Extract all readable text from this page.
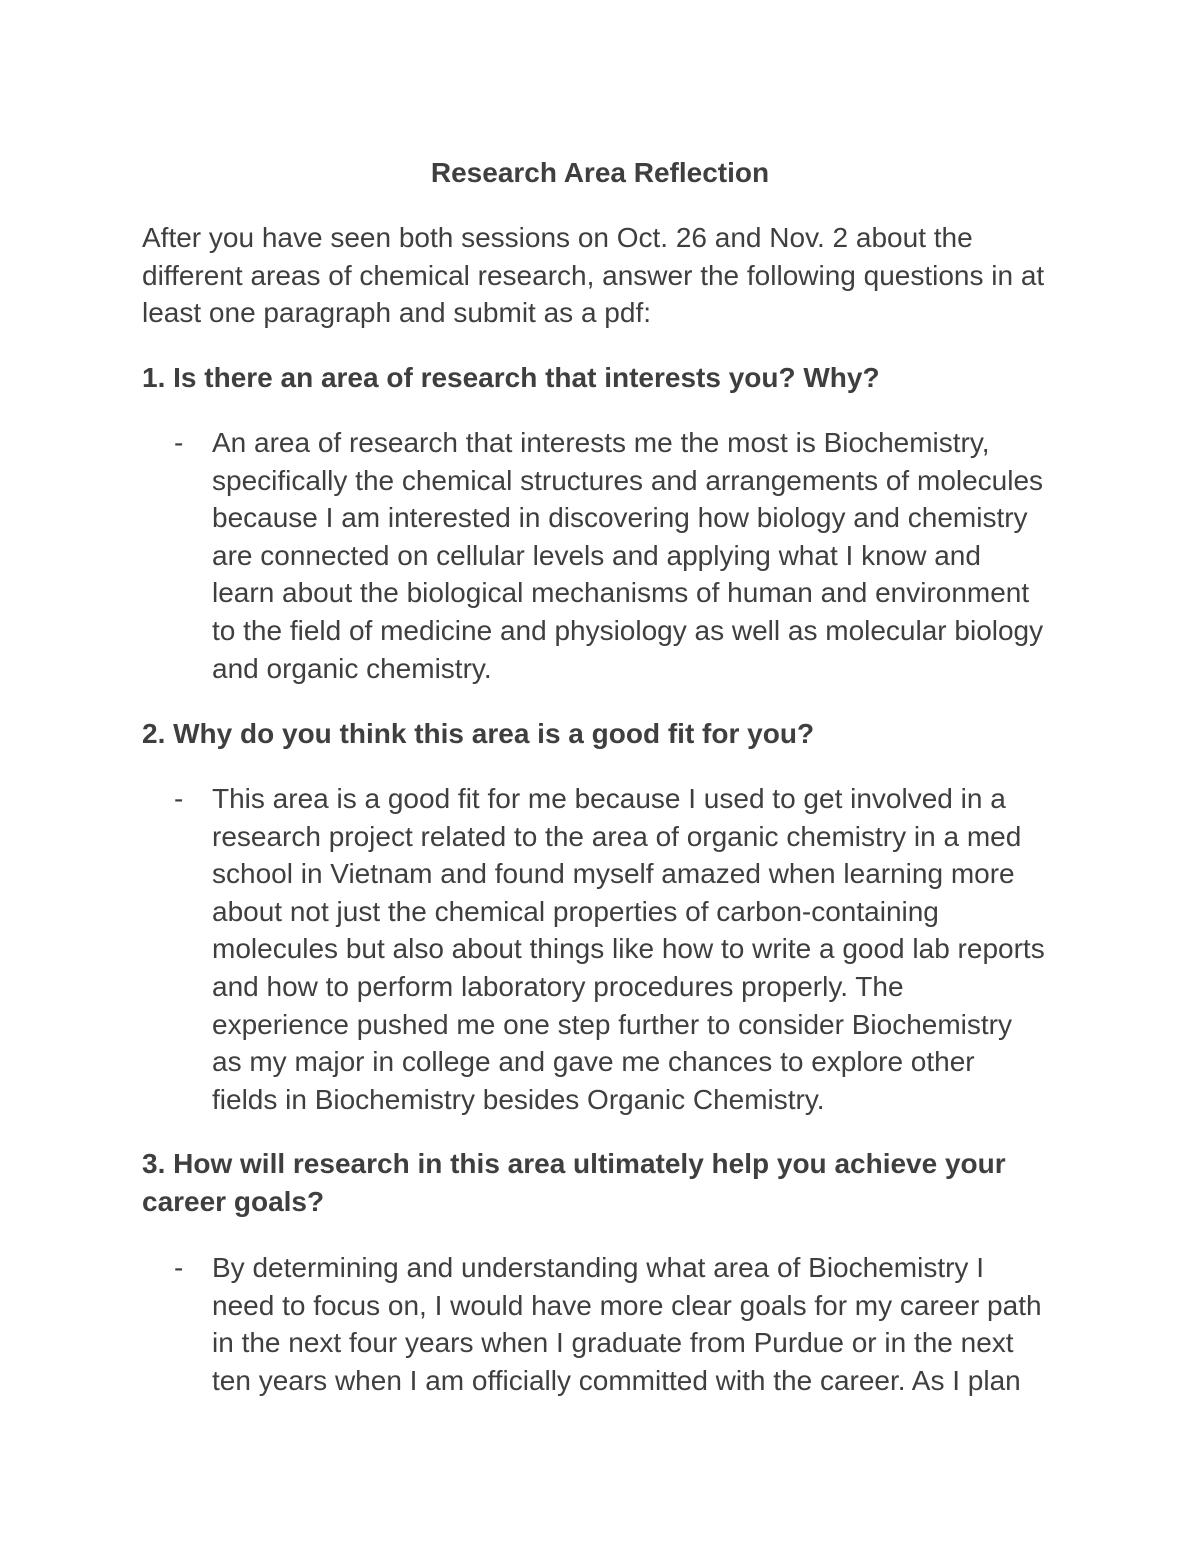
Research Area Reflection

After you have seen both sessions on Oct. 26 and Nov. 2 about the
different areas of chemical research, answer the following questions in at
least one paragraph and submit as a pdf:

1. Is there an area of research that interests you? Why?
-	An area of research that interests me the most is Biochemistry,
specifically the chemical structures and arrangements of molecules
because I am interested in discovering how biology and chemistry
are connected on cellular levels and applying what I know and
learn about the biological mechanisms of human and environment
to the field of medicine and physiology as well as molecular biology
and organic chemistry.
2. Why do you think this area is a good fit for you?
-	This area is a good fit for me because I used to get involved in a
research project related to the area of organic chemistry in a med
school in Vietnam and found myself amazed when learning more
about not just the chemical properties of carbon-containing
molecules but also about things like how to write a good lab reports
and how to perform laboratory procedures properly. The
experience pushed me one step further to consider Biochemistry
as my major in college and gave me chances to explore other
fields in Biochemistry besides Organic Chemistry.
3. How will research in this area ultimately help you achieve your
career goals?
-	By determining and understanding what area of Biochemistry I
need to focus on, I would have more clear goals for my career path
in the next four years when I graduate from Purdue or in the next
ten years when I am officially committed with the career. As I plan
